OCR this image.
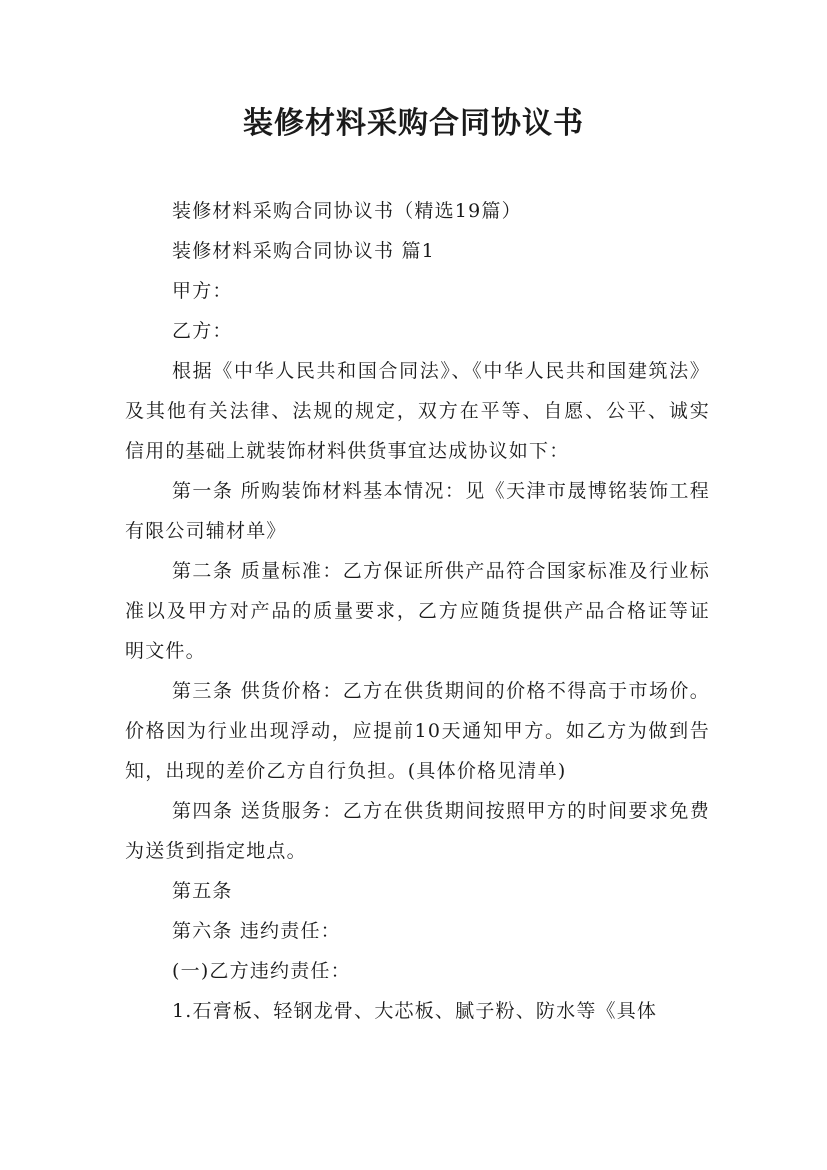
装修材料采购合同协议书

装修材料采购合同协议书（精选19篇）

装修材料采购合同协议书 篇1

甲方：

乙方：

根据《中华人民共和国合同法》、《中华人民共和国建筑法》及其他有关法律、法规的规定，双方在平等、自愿、公平、诚实信用的基础上就装饰材料供货事宜达成协议如下：

第一条 所购装饰材料基本情况：见《天津市晟博铭装饰工程有限公司辅材单》

第二条 质量标准：乙方保证所供产品符合国家标准及行业标准以及甲方对产品的质量要求，乙方应随货提供产品合格证等证明文件。

第三条 供货价格：乙方在供货期间的价格不得高于市场价。价格因为行业出现浮动，应提前10天通知甲方。如乙方为做到告知，出现的差价乙方自行负担。(具体价格见清单)

第四条 送货服务：乙方在供货期间按照甲方的时间要求免费为送货到指定地点。

第五条

第六条 违约责任：

(一)乙方违约责任：

1.石膏板、轻钢龙骨、大芯板、腻子粉、防水等《具体
